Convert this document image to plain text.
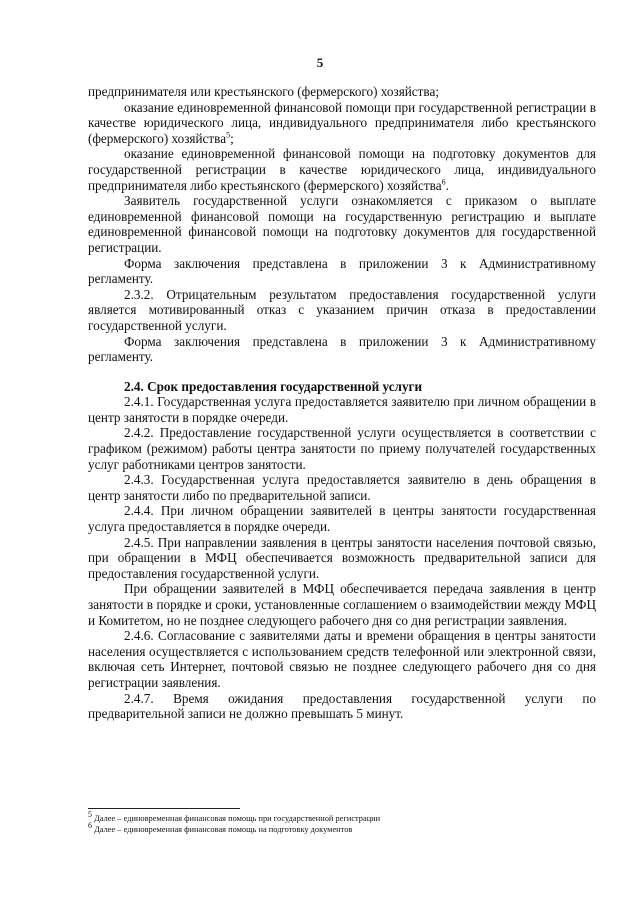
5

предпринимателя или крестьянского (фермерского) хозяйства;

оказание единовременной финансовой помощи при государственной регистрации в качестве юридического лица, индивидуального предпринимателя либо крестьянского (фермерского) хозяйства$^5$;

оказание единовременной финансовой помощи на подготовку документов для государственной регистрации в качестве юридического лица, индивидуального предпринимателя либо крестьянского (фермерского) хозяйства$^6$.

Заявитель государственной услуги ознакомляется с приказом о выплате единовременной финансовой помощи на государственную регистрацию и выплате единовременной финансовой помощи на подготовку документов для государственной регистрации.

Форма заключения представлена в приложении 3 к Административному регламенту.

2.3.2. Отрицательным результатом предоставления государственной услуги является мотивированный отказ с указанием причин отказа в предоставлении государственной услуги.

Форма заключения представлена в приложении 3 к Административному регламенту.

2.4. Срок предоставления государственной услуги

2.4.1. Государственная услуга предоставляется заявителю при личном обращении в центр занятости в порядке очереди.

2.4.2. Предоставление государственной услуги осуществляется в соответствии с графиком (режимом) работы центра занятости по приему получателей государственных услуг работниками центров занятости.

2.4.3. Государственная услуга предоставляется заявителю в день обращения в центр занятости либо по предварительной записи.

2.4.4. При личном обращении заявителей в центры занятости государственная услуга предоставляется в порядке очереди.

2.4.5. При направлении заявления в центры занятости населения почтовой связью, при обращении в МФЦ обеспечивается возможность предварительной записи для предоставления государственной услуги.

При обращении заявителей в МФЦ обеспечивается передача заявления в центр занятости в порядке и сроки, установленные соглашением о взаимодействии между МФЦ и Комитетом, но не позднее следующего рабочего дня со дня регистрации заявления.

2.4.6. Согласование с заявителями даты и времени обращения в центры занятости населения осуществляется с использованием средств телефонной или электронной связи, включая сеть Интернет, почтовой связью не позднее следующего рабочего дня со дня регистрации заявления.

2.4.7. Время ожидания предоставления государственной услуги по предварительной записи не должно превышать 5 минут.

$^5$ Далее – единовременная финансовая помощь при государственной регистрации

$^6$ Далее – единовременная финансовая помощь на подготовку документов
